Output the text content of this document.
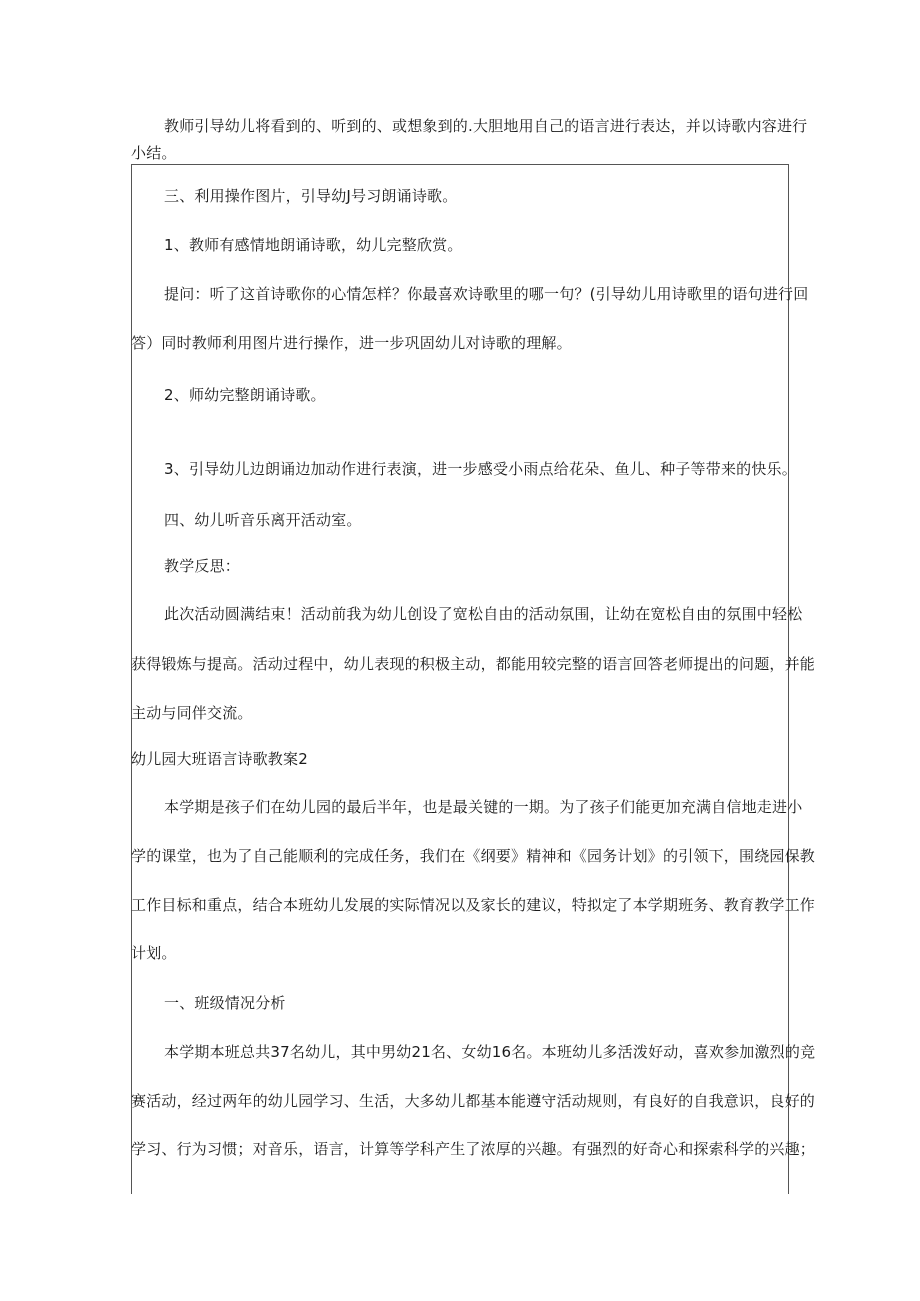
教师引导幼儿将看到的、听到的、或想象到的.大胆地用自己的语言进行表达，并以诗歌内容进行
小结。
三、利用操作图片，引导幼J号习朗诵诗歌。
1、教师有感情地朗诵诗歌，幼儿完整欣赏。
提问：听了这首诗歌你的心情怎样？你最喜欢诗歌里的哪一句？(引导幼儿用诗歌里的语句进行回
答）同时教师利用图片进行操作，进一步巩固幼儿对诗歌的理解。
2、师幼完整朗诵诗歌。
3、引导幼儿边朗诵边加动作进行表演，进一步感受小雨点给花朵、鱼儿、种子等带来的快乐。
四、幼儿听音乐离开活动室。
教学反思：
此次活动圆满结束！活动前我为幼儿创设了宽松自由的活动氛围，让幼在宽松自由的氛围中轻松
获得锻炼与提高。活动过程中，幼儿表现的积极主动，都能用较完整的语言回答老师提出的问题，并能
主动与同伴交流。
幼儿园大班语言诗歌教案2
本学期是孩子们在幼儿园的最后半年，也是最关键的一期。为了孩子们能更加充满自信地走进小
学的课堂，也为了自己能顺利的完成任务，我们在《纲要》精神和《园务计划》的引领下，围绕园保教
工作目标和重点，结合本班幼儿发展的实际情况以及家长的建议，特拟定了本学期班务、教育教学工作
计划。
一、班级情况分析
本学期本班总共37名幼儿，其中男幼21名、女幼16名。本班幼儿多活泼好动，喜欢参加激烈的竞
赛活动，经过两年的幼儿园学习、生活，大多幼儿都基本能遵守活动规则，有良好的自我意识，良好的
学习、行为习惯；对音乐，语言，计算等学科产生了浓厚的兴趣。有强烈的好奇心和探索科学的兴趣；
